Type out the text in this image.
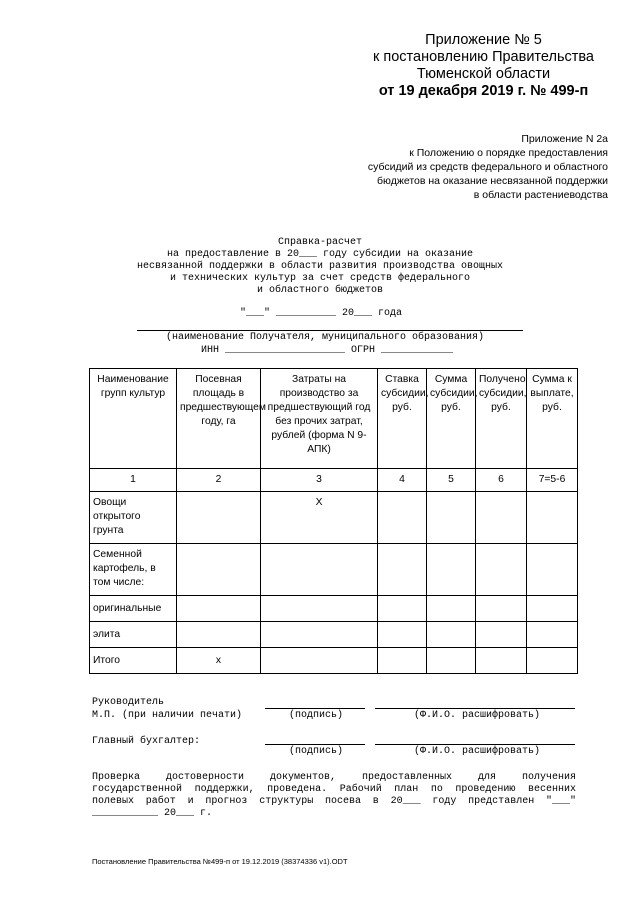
Приложение № 5
к постановлению Правительства
Тюменской области
от 19 декабря 2019 г. № 499-п
Приложение N 2а
к Положению о порядке предоставления
субсидий из средств федерального и областного
бюджетов на оказание несвязанной поддержки
в области растениеводства
Справка-расчет
на предоставление в 20___ году субсидии на оказание
несвязанной поддержки в области развития производства овощных
и технических культур за счет средств федерального
и областного бюджетов
"___" __________ 20___ года
(наименование Получателя, муниципального образования)
ИНН ____________________ ОГРН ____________
Наименование групп культур	Посевная площадь в предшествующем году, га	Затраты на производство за предшествующий год без прочих затрат, рублей (форма N 9-АПК)	Ставка субсидии, руб.	Сумма субсидии, руб.	Получено субсидии, руб.	Сумма к выплате, руб.
1	2	3	4	5	6	7=5-6
Овощи открытого грунта		X				
Семенной картофель, в том числе:						
оригинальные						
элита						
Итого	x					
Руководитель
М.П. (при наличии печати)	(подпись)	(Ф.И.О. расшифровать)
Главный бухгалтер:
(подпись)	(Ф.И.О. расшифровать)
Проверка достоверности документов, предоставленных для получения
государственной поддержки, проведена. Рабочий план по проведению весенних
полевых работ и прогноз структуры посева в 20___ году представлен "___"
___________ 20___ г.
Постановление Правительства №499-п от 19.12.2019 (38374336 v1).ODT
